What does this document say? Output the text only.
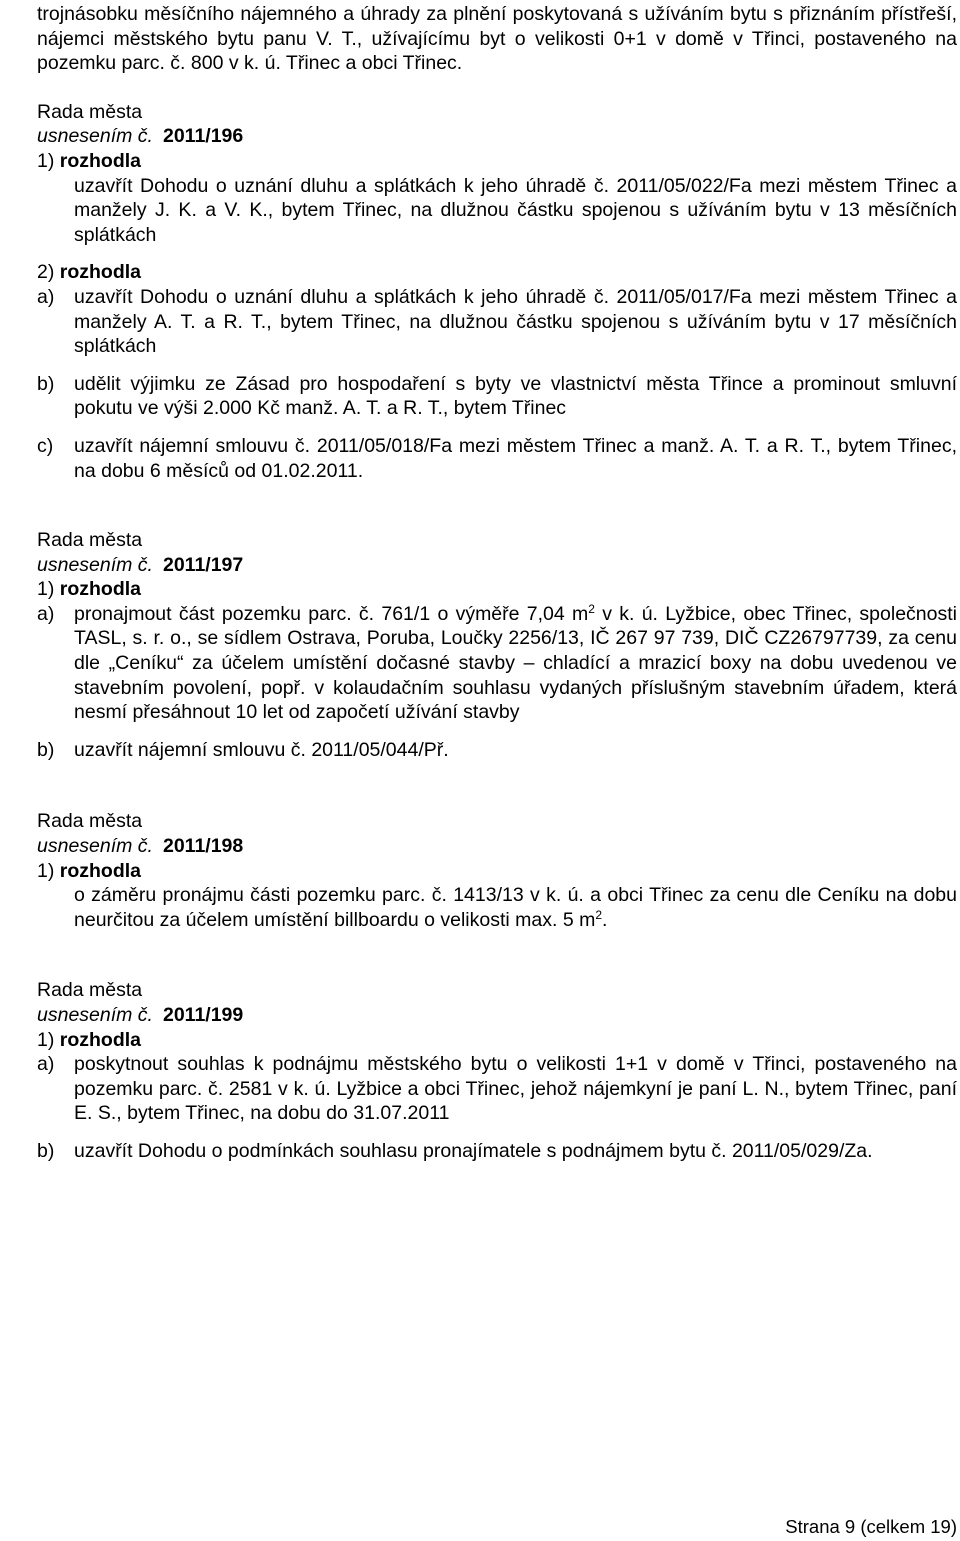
trojnásobku měsíčního nájemného a úhrady za plnění poskytovaná s užíváním bytu s přiznáním přístřeší, nájemci městského bytu panu V. T., užívajícímu byt o velikosti 0+1 v domě v Třinci, postaveného na pozemku parc. č. 800 v k. ú. Třinec a obci Třinec.
Rada města
usnesením č. 2011/196
1) rozhodla
uzavřít Dohodu o uznání dluhu a splátkách k jeho úhradě č. 2011/05/022/Fa mezi městem Třinec a manžely J. K. a V. K., bytem Třinec, na dlužnou částku spojenou s užíváním bytu v 13 měsíčních splátkách
2) rozhodla
a)	uzavřít Dohodu o uznání dluhu a splátkách k jeho úhradě č. 2011/05/017/Fa mezi městem Třinec a manžely A. T. a R. T., bytem Třinec, na dlužnou částku spojenou s užíváním bytu v 17 měsíčních splátkách
b)	udělit výjimku ze Zásad pro hospodaření s byty ve vlastnictví města Třince a prominout smluvní pokutu ve výši 2.000 Kč manž. A. T. a R. T., bytem Třinec
c)	uzavřít nájemní smlouvu č. 2011/05/018/Fa mezi městem Třinec a manž. A. T. a R. T., bytem Třinec, na dobu 6 měsíců od 01.02.2011.
Rada města
usnesením č. 2011/197
1) rozhodla
a)	pronajmout část pozemku parc. č. 761/1 o výměře 7,04 $m^2$ v k. ú. Lyžbice, obec Třinec, společnosti TASL, s. r. o., se sídlem Ostrava, Poruba, Loučky 2256/13, IČ 267 97 739, DIČ CZ26797739, za cenu dle „Ceníku“ za účelem umístění dočasné stavby – chladící a mrazicí boxy na dobu uvedenou ve stavebním povolení, popř. v kolaudačním souhlasu vydaných příslušným stavebním úřadem, která nesmí přesáhnout 10 let od započetí užívání stavby
b)	uzavřít nájemní smlouvu č. 2011/05/044/Př.
Rada města
usnesením č. 2011/198
1) rozhodla
o záměru pronájmu části pozemku parc. č. 1413/13 v k. ú. a obci Třinec za cenu dle Ceníku na dobu neurčitou za účelem umístění billboardu o velikosti max. 5 $m^2$.
Rada města
usnesením č. 2011/199
1) rozhodla
a)	poskytnout souhlas k podnájmu městského bytu o velikosti 1+1 v domě v Třinci, postaveného na pozemku parc. č. 2581 v k. ú. Lyžbice a obci Třinec, jehož nájemkyní je paní L. N., bytem Třinec, paní E. S., bytem Třinec, na dobu do 31.07.2011
b)	uzavřít Dohodu o podmínkách souhlasu pronajímatele s podnájmem bytu č. 2011/05/029/Za.
Strana 9 (celkem 19)
